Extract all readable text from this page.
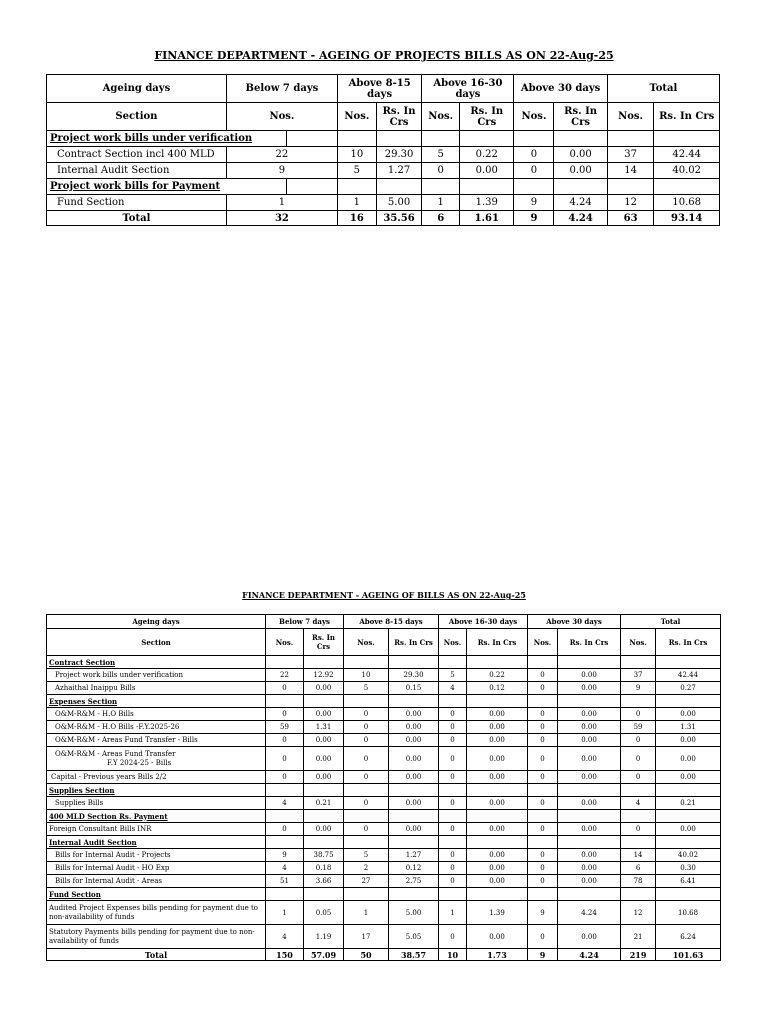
FINANCE DEPARTMENT - AGEING OF PROJECTS BILLS AS ON 22-Aug-25
Ageing days	Below 7 days		Above 8-15 days		Above 16-30 days		Above 30 days		Total	
Section	Nos.		Nos.	Rs. In Crs	Nos.	Rs. In Crs	Nos.	Rs. In Crs	Nos.	Rs. In Crs
Project work bills under verification										
Contract Section incl 400 MLD	22		10	29.30	5	0.22	0	0.00	37	42.44
Internal Audit Section	9		5	1.27	0	0.00	0	0.00	14	40.02
Project work bills for Payment										
Fund Section	1		1	5.00	1	1.39	9	4.24	12	10.68
Total	32		16	35.56	6	1.61	9	4.24	63	93.14
FINANCE DEPARTMENT - AGEING OF BILLS AS ON 22-Aug-25
Ageing days	Below 7 days		Above 8-15 days		Above 16-30 days		Above 30 days		Total	
Section	Nos.	Rs. In Crs	Nos.	Rs. In Crs	Nos.	Rs. In Crs	Nos.	Rs. In Crs	Nos.	Rs. In Crs
Contract Section										
Project work bills under verification	22	12.92	10	29.30	5	0.22	0	0.00	37	42.44
Azhaithal Inaippu Bills	0	0.00	5	0.15	4	0.12	0	0.00	9	0.27
Expenses Section										
O&M-R&M - H.O Bills	0	0.00	0	0.00	0	0.00	0	0.00	0	0.00
O&M-R&M - H.O Bills -F.Y.2025-26	59	1.31	0	0.00	0	0.00	0	0.00	59	1.31
O&M-R&M - Areas Fund Transfer - Bills	0	0.00	0	0.00	0	0.00	0	0.00	0	0.00

O&M-R&M - Areas Fund Transfer
F.Y 2024-25 - Bills	0	0.00	0	0.00	0	0.00	0	0.00	0	0.00
Capital - Previous years Bills 2/2	0	0.00	0	0.00	0	0.00	0	0.00	0	0.00
Supplies Section										
Supplies Bills	4	0.21	0	0.00	0	0.00	0	0.00	4	0.21
400 MLD Section Rs. Payment										
Foreign Consultant Bills INR	0	0.00	0	0.00	0	0.00	0	0.00	0	0.00
Internal Audit Section										
Bills for Internal Audit - Projects	9	38.75	5	1.27	0	0.00	0	0.00	14	40.02
Bills for Internal Audit - HO Exp	4	0.18	2	0.12	0	0.00	0	0.00	6	0.30
Bills for Internal Audit - Areas	51	3.66	27	2.75	0	0.00	0	0.00	78	6.41
Fund Section										
Audited Project Expenses bills pending for payment due to non-availability of funds	1	0.05	1	5.00	1	1.39	9	4.24	12	10.68
Statutory Payments bills pending for payment due to non-availability of funds	4	1.19	17	5.05	0	0.00	0	0.00	21	6.24
Total	150	57.09	50	38.57	10	1.73	9	4.24	219	101.63
